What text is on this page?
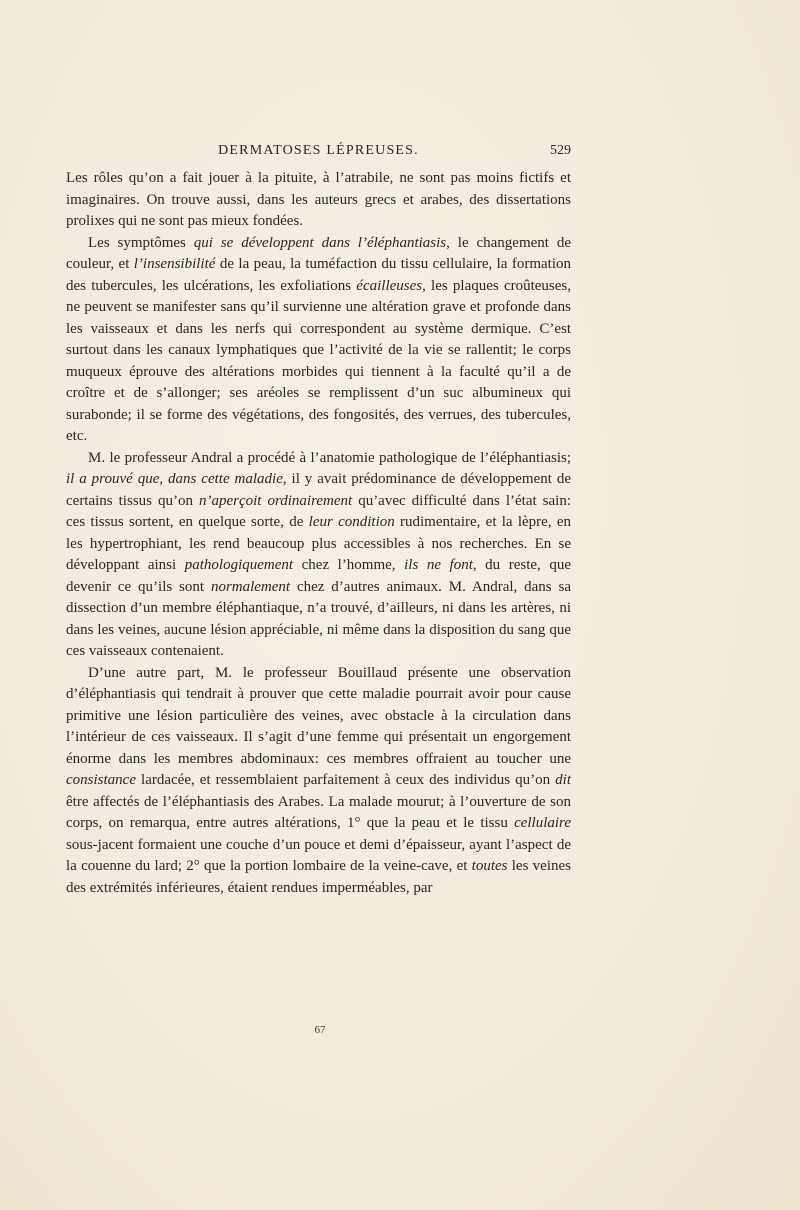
DERMATOSES LÉPREUSES.	529

Les rôles qu’on a fait jouer à la pituite, à l’atrabile, ne sont pas moins fictifs et imaginaires. On trouve aussi, dans les auteurs grecs et arabes, des dissertations prolixes qui ne sont pas mieux fondées.

Les symptômes qui se développent dans l’éléphantiasis, le changement de couleur, et l’insensibilité de la peau, la tuméfaction du tissu cellulaire, la formation des tubercules, les ulcérations, les exfoliations écailleuses, les plaques croûteuses, ne peuvent se manifester sans qu’il survienne une altération grave et profonde dans les vaisseaux et dans les nerfs qui correspondent au système dermique. C’est surtout dans les canaux lymphatiques que l’activité de la vie se rallentit; le corps muqueux éprouve des altérations morbides qui tiennent à la faculté qu’il a de croître et de s’allonger; ses aréoles se remplissent d’un suc albumineux qui surabonde; il se forme des végétations, des fongosités, des verrues, des tubercules, etc.

M. le professeur Andral a procédé à l’anatomie pathologique de l’éléphantiasis; il a prouvé que, dans cette maladie, il y avait prédominance de développement de certains tissus qu’on n’aperçoit ordinairement qu’avec difficulté dans l’état sain: ces tissus sortent, en quelque sorte, de leur condition rudimentaire, et la lèpre, en les hypertrophiant, les rend beaucoup plus accessibles à nos recherches. En se développant ainsi pathologiquement chez l’homme, ils ne font, du reste, que devenir ce qu’ils sont normalement chez d’autres animaux. M. Andral, dans sa dissection d’un membre éléphantiaque, n’a trouvé, d’ailleurs, ni dans les artères, ni dans les veines, aucune lésion appréciable, ni même dans la disposition du sang que ces vaisseaux contenaient.

D’une autre part, M. le professeur Bouillaud présente une observation d’éléphantiasis qui tendrait à prouver que cette maladie pourrait avoir pour cause primitive une lésion particulière des veines, avec obstacle à la circulation dans l’intérieur de ces vaisseaux. Il s’agit d’une femme qui présentait un engorgement énorme dans les membres abdominaux: ces membres offraient au toucher une consistance lardacée, et ressemblaient parfaitement à ceux des individus qu’on dit être affectés de l’éléphantiasis des Arabes. La malade mourut; à l’ouverture de son corps, on remarqua, entre autres altérations, 1° que la peau et le tissu cellulaire sous-jacent formaient une couche d’un pouce et demi d’épaisseur, ayant l’aspect de la couenne du lard; 2° que la portion lombaire de la veine-cave, et toutes les veines des extrémités inférieures, étaient rendues imperméables, par

67
